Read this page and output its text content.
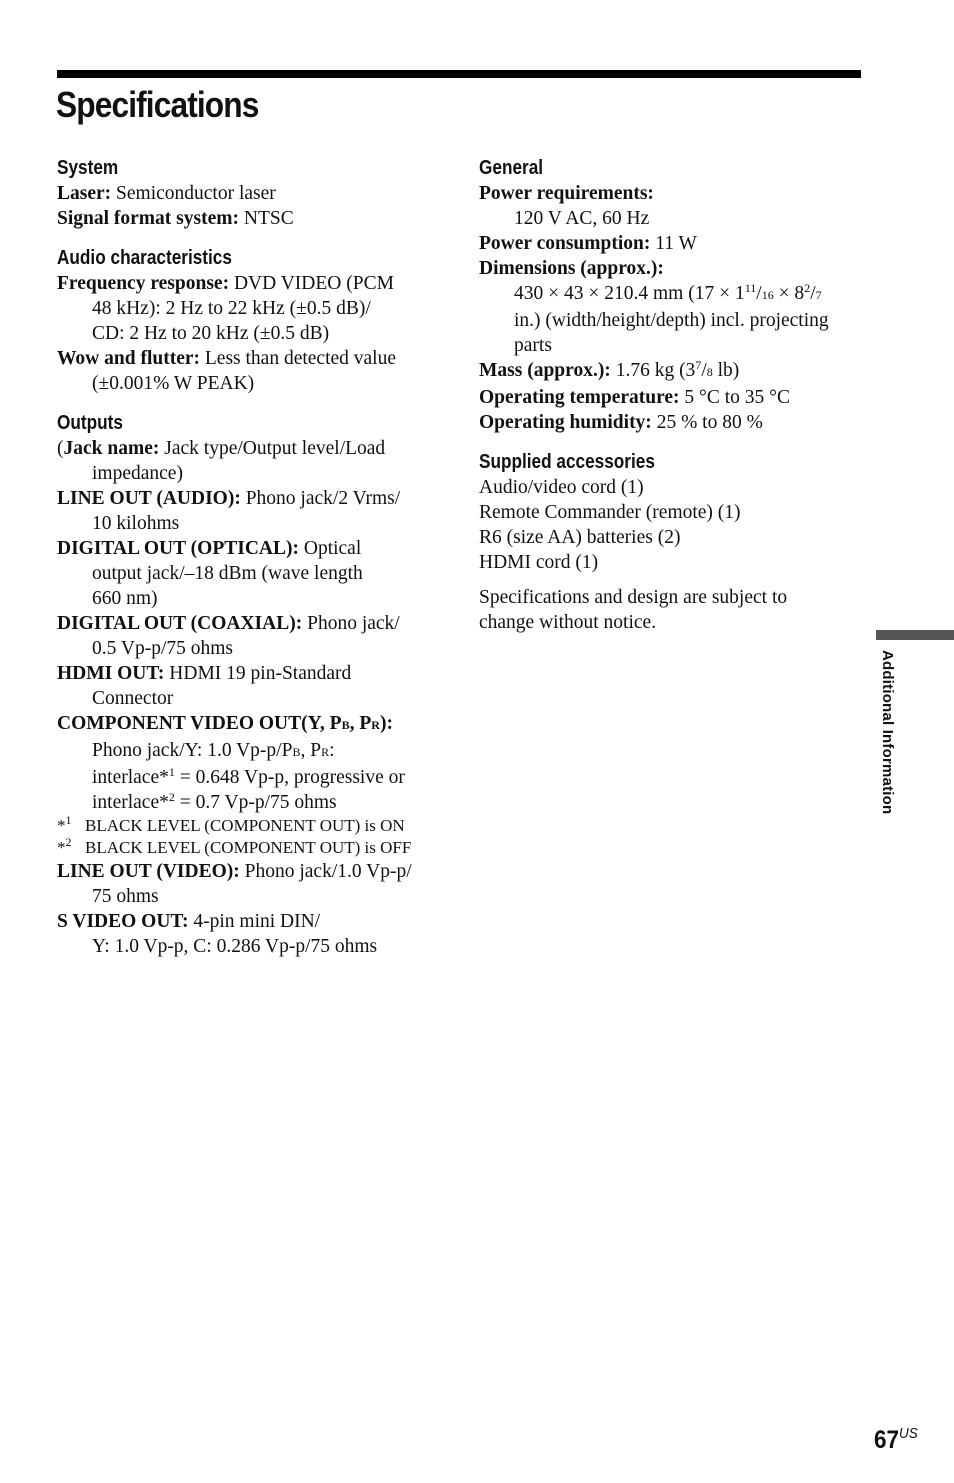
Specifications
System
Laser: Semiconductor laser
Signal format system: NTSC
Audio characteristics
Frequency response: DVD VIDEO (PCM
48 kHz): 2 Hz to 22 kHz (±0.5 dB)/
CD: 2 Hz to 20 kHz (±0.5 dB)
Wow and flutter: Less than detected value
(±0.001% W PEAK)
Outputs
(Jack name: Jack type/Output level/Load
impedance)
LINE OUT (AUDIO): Phono jack/2 Vrms/
10 kilohms
DIGITAL OUT (OPTICAL): Optical
output jack/–18 dBm (wave length
660 nm)
DIGITAL OUT (COAXIAL): Phono jack/
0.5 Vp-p/75 ohms
HDMI OUT: HDMI 19 pin-Standard
Connector
COMPONENT VIDEO OUT(Y, PB, PR):
Phono jack/Y: 1.0 Vp-p/PB, PR:
interlace*$^1$ = 0.648 Vp-p, progressive or
interlace*$^2$ = 0.7 Vp-p/75 ohms
*$^1$ BLACK LEVEL (COMPONENT OUT) is ON
*$^2$ BLACK LEVEL (COMPONENT OUT) is OFF
LINE OUT (VIDEO): Phono jack/1.0 Vp-p/
75 ohms
S VIDEO OUT: 4-pin mini DIN/
Y: 1.0 Vp-p, C: 0.286 Vp-p/75 ohms
General
Power requirements:
120 V AC, 60 Hz
Power consumption: 11 W
Dimensions (approx.):
430 × 43 × 210.4 mm ($17 \times 1^{11}/16 \times 8^2/7$
in.) (width/height/depth) incl. projecting
parts
Mass (approx.): 1.76 kg ($3^7/8$ lb)
Operating temperature: 5 °C to 35 °C
Operating humidity: 25 % to 80 %
Supplied accessories
Audio/video cord (1)
Remote Commander (remote) (1)
R6 (size AA) batteries (2)
HDMI cord (1)
Specifications and design are subject to
change without notice.
Additional Information
$67^{US}$
